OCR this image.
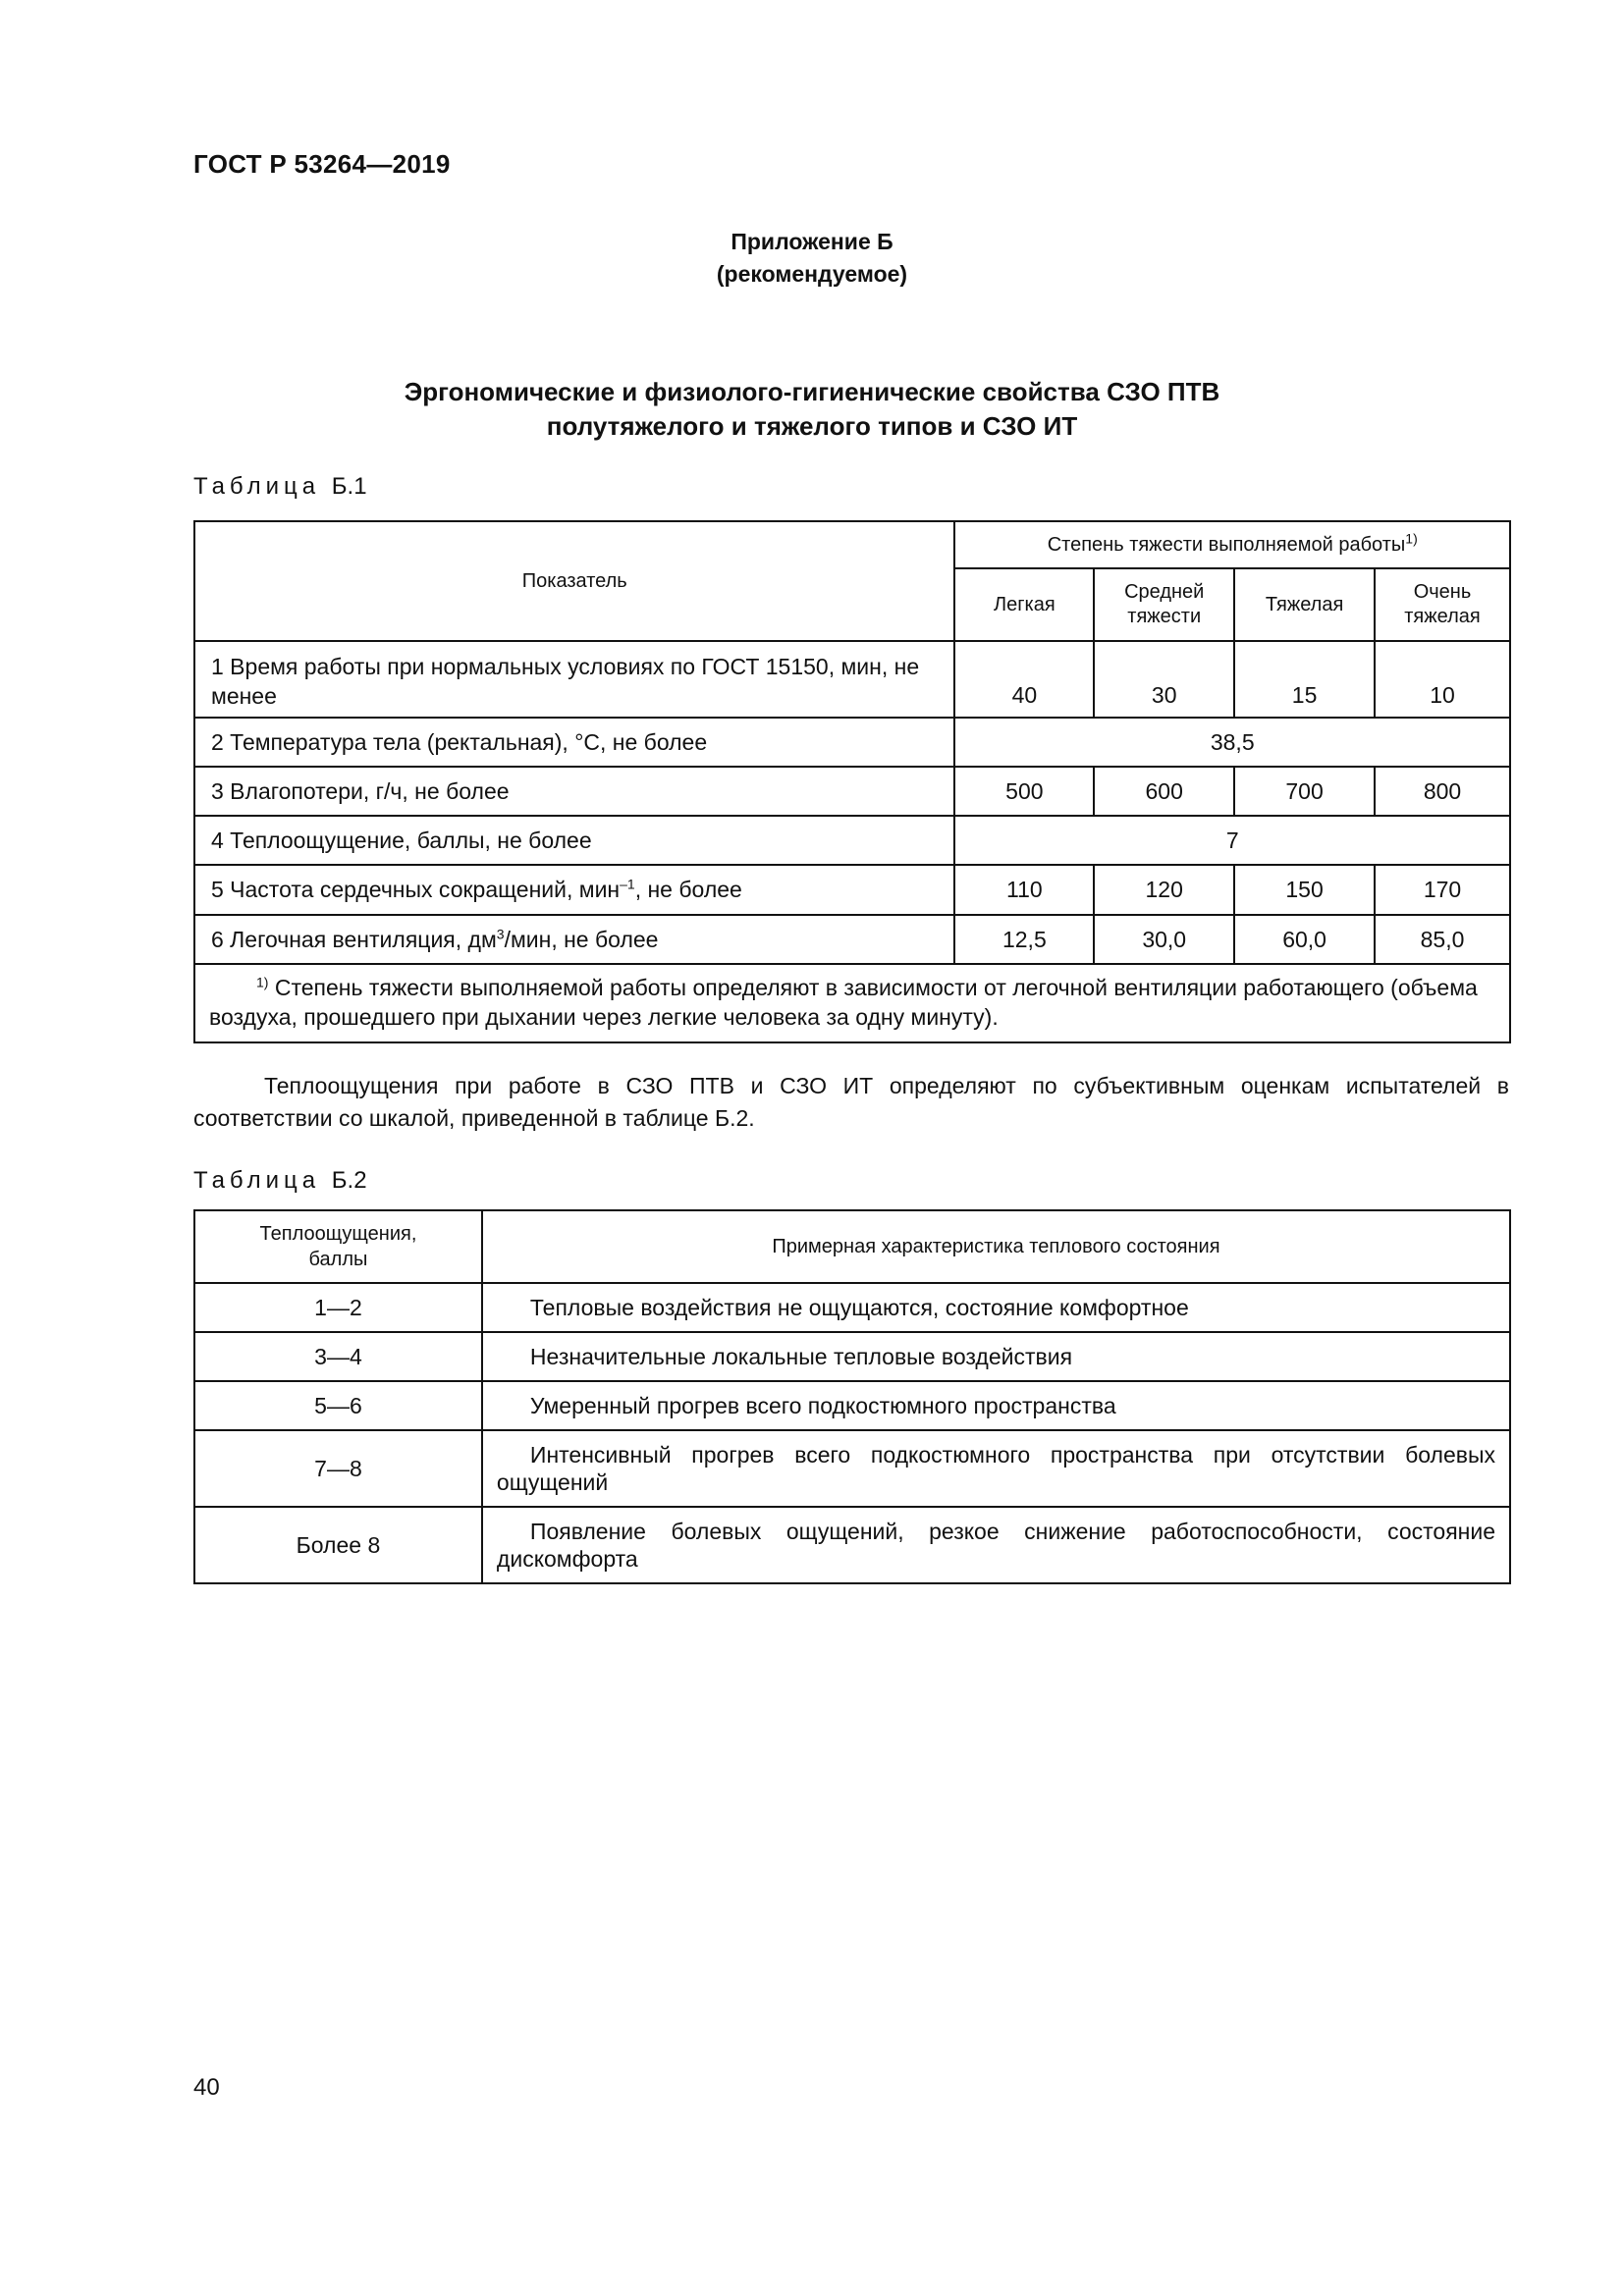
ГОСТ Р 53264—2019
Приложение Б
(рекомендуемое)
Эргономические и физиолого-гигиенические свойства СЗО ПТВ
полутяжелого и тяжелого типов и СЗО ИТ
Таблица Б.1
Показатель	Степень тяжести выполняемой работы$^{1)}$
	Легкая	Средней тяжести	Тяжелая	Очень тяжелая
1 Время работы при нормальных условиях по ГОСТ 15150, мин, не менее	40	30	15	10
2 Температура тела (ректальная), °С, не более	38,5			
3 Влагопотери, г/ч, не более	500	600	700	800
4 Теплоощущение, баллы, не более	7			
5 Частота сердечных сокращений, мин$^{-1}$, не более	110	120	150	170
6 Легочная вентиляция, $дм^3$/мин, не более	12,5	30,0	60,0	85,0
$^{1)}$ Степень тяжести выполняемой работы определяют в зависимости от легочной вентиляции работающего (объема воздуха, прошедшего при дыхании через легкие человека за одну минуту).				
Теплоощущения при работе в СЗО ПТВ и СЗО ИТ определяют по субъективным оценкам испытателей в соответствии со шкалой, приведенной в таблице Б.2.
Таблица Б.2
Теплоощущения, баллы	Примерная характеристика теплового состояния
1—2	Тепловые воздействия не ощущаются, состояние комфортное
3—4	Незначительные локальные тепловые воздействия
5—6	Умеренный прогрев всего подкостюмного пространства
7—8	Интенсивный прогрев всего подкостюмного пространства при отсутствии болевых ощущений
Более 8	Появление болевых ощущений, резкое снижение работоспособности, состояние дискомфорта
40
